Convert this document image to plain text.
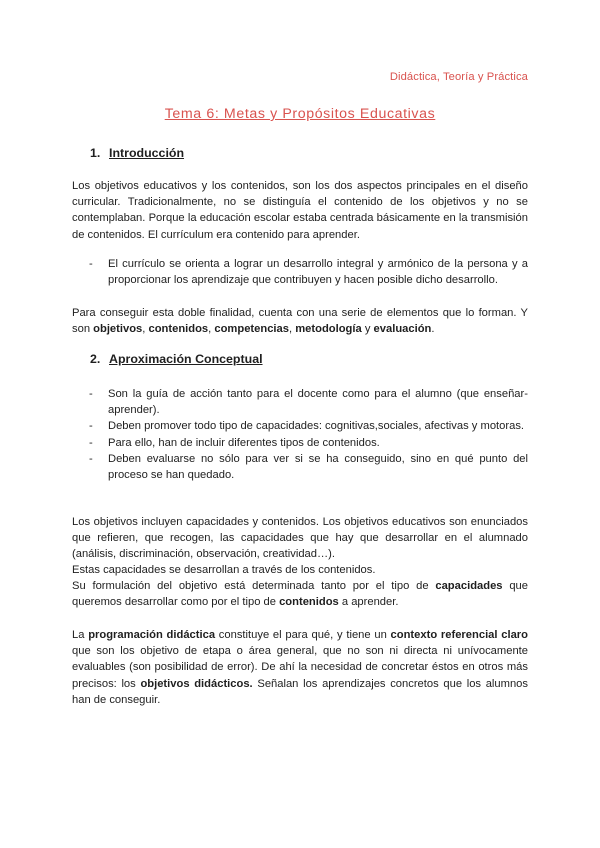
Didáctica, Teoría y Práctica
Tema 6: Metas y Propósitos Educativas
1. Introducción
Los objetivos educativos y los contenidos, son los dos aspectos principales en el diseño curricular. Tradicionalmente, no se distinguía el contenido de los objetivos y no se contemplaban. Porque la educación escolar estaba centrada básicamente en la transmisión de contenidos. El currículum era contenido para aprender.
- El currículo se orienta a lograr un desarrollo integral y armónico de la persona y a proporcionar los aprendizaje que contribuyen y hacen posible dicho desarrollo.
Para conseguir esta doble finalidad, cuenta con una serie de elementos que lo forman. Y son objetivos, contenidos, competencias, metodología y evaluación.
2. Aproximación Conceptual
- Son la guía de acción tanto para el docente como para el alumno (que enseñar-aprender).
- Deben promover todo tipo de capacidades: cognitivas,sociales, afectivas y motoras.
- Para ello, han de incluir diferentes tipos de contenidos.
- Deben evaluarse no sólo para ver si se ha conseguido, sino en qué punto del proceso se han quedado.
Los objetivos incluyen capacidades y contenidos. Los objetivos educativos son enunciados que refieren, que recogen, las capacidades que hay que desarrollar en el alumnado (análisis, discriminación, observación, creatividad…).
Estas capacidades se desarrollan a través de los contenidos.
Su formulación del objetivo está determinada tanto por el tipo de capacidades que queremos desarrollar como por el tipo de contenidos a aprender.
La programación didáctica constituye el para qué, y tiene un contexto referencial claro que son los objetivo de etapa o área general, que no son ni directa ni unívocamente evaluables (son posibilidad de error). De ahí la necesidad de concretar éstos en otros más precisos: los objetivos didácticos. Señalan los aprendizajes concretos que los alumnos han de conseguir.
